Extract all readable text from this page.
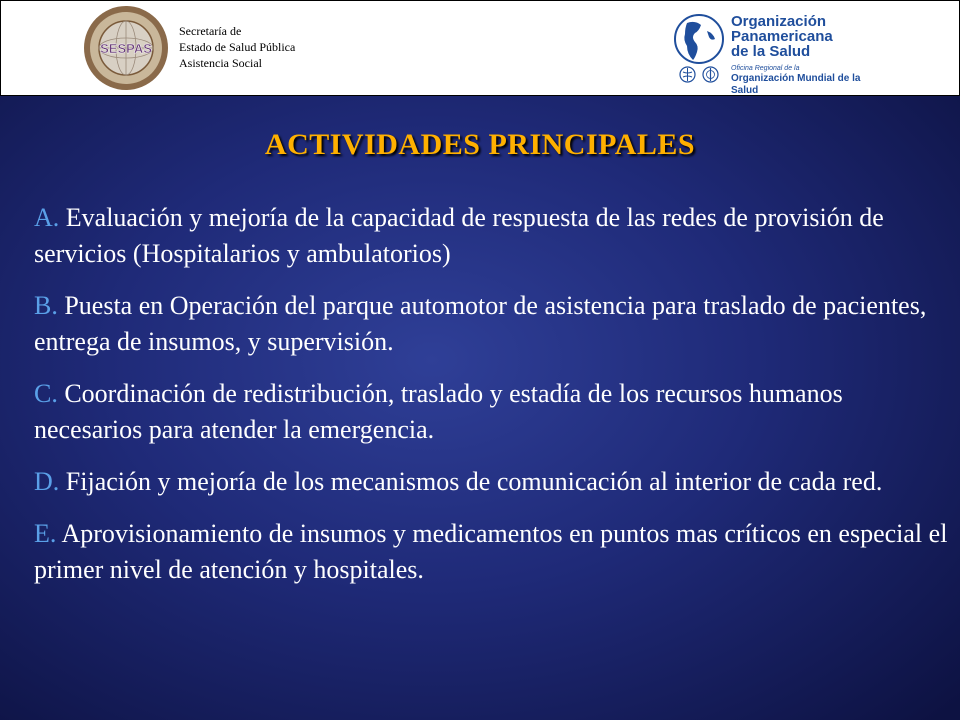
SESPAS
Secretaría de
Estado de Salud Pública
Asistencia Social
Organización
Panamericana
de la Salud
Oficina Regional de la
Organización Mundial de la Salud
ACTIVIDADES PRINCIPALES
A. Evaluación y mejoría de la capacidad de respuesta de las redes de provisión de servicios (Hospitalarios y ambulatorios)
B. Puesta en Operación del parque automotor de asistencia para traslado de pacientes, entrega de insumos, y supervisión.
C. Coordinación de redistribución, traslado y estadía de los recursos humanos necesarios para atender la emergencia.
D. Fijación y mejoría de los mecanismos de comunicación al interior de cada red.
E. Aprovisionamiento de insumos y medicamentos en puntos mas críticos en especial el primer nivel de atención y hospitales.
